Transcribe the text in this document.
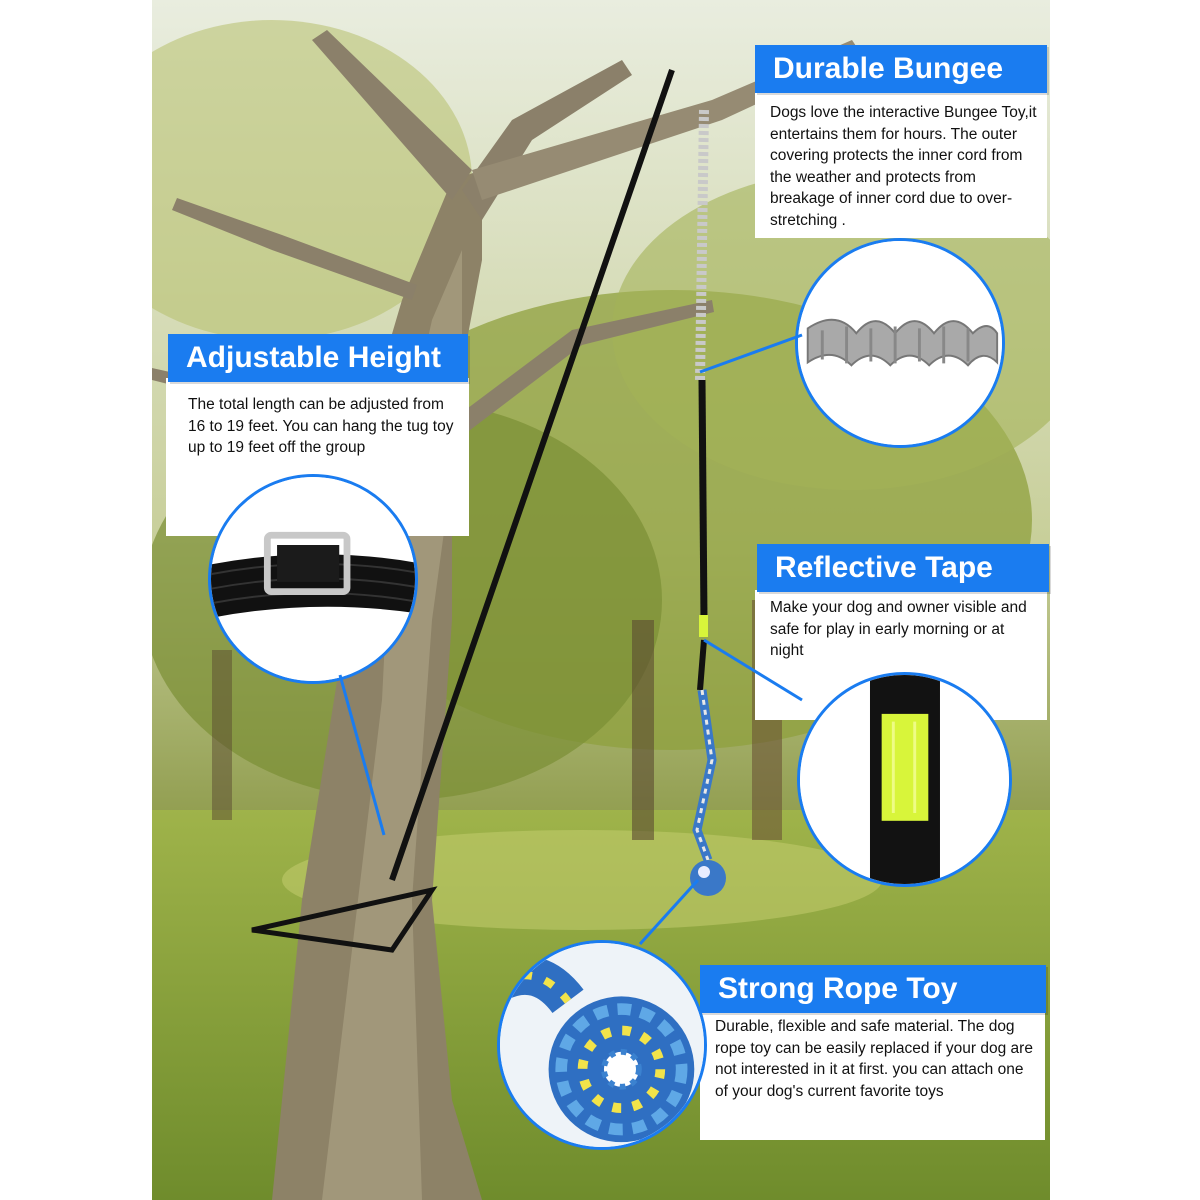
Durable Bungee
Dogs love the interactive Bungee Toy,it entertains them for hours. The outer covering protects the inner cord from the weather and protects from breakage of inner cord due to over-stretching .
Adjustable Height
The total length can be adjusted from 16 to 19 feet. You can hang the tug toy up to 19 feet off the group
Reflective Tape
Make your dog and owner visible and safe for play in early morning or at night
Strong Rope Toy
Durable, flexible and safe material. The dog rope toy can be easily replaced if your dog are not interested in it at first. you can attach one of your dog's current favorite toys
